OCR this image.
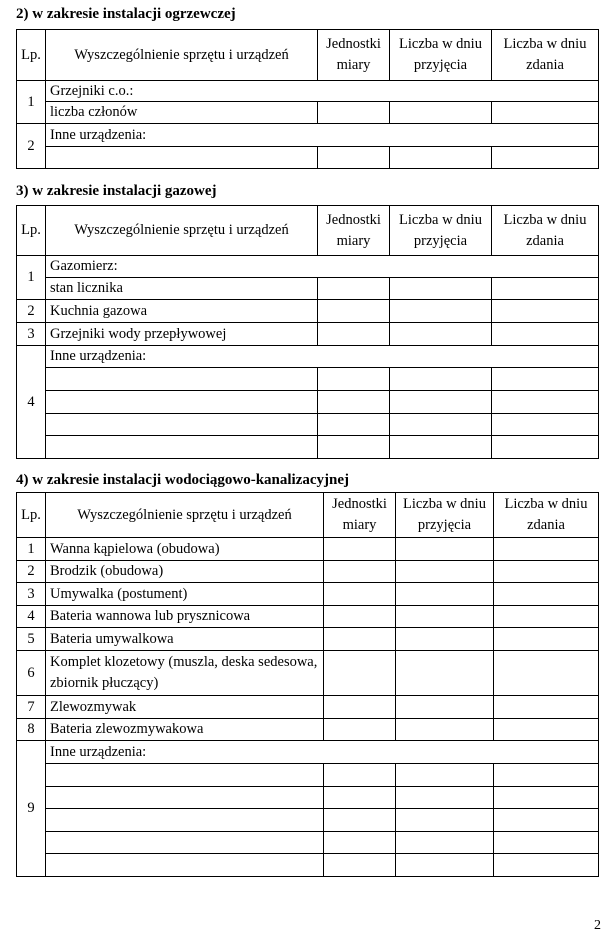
2) w zakresie instalacji ogrzewczej
Lp.	Wyszczególnienie sprzętu i urządzeń	Jednostki miary	Liczba w dniu przyjęcia	Liczba w dniu zdania
1	Grzejniki c.o.:			
	liczba członów			
2	Inne urządzenia:			

3) w zakresie instalacji gazowej
Lp.	Wyszczególnienie sprzętu i urządzeń	Jednostki miary	Liczba w dniu przyjęcia	Liczba w dniu zdania
1	Gazomierz:			
	stan licznika			
2	Kuchnia gazowa			
3	Grzejniki wody przepływowej			
4	Inne urządzenia:			

4) w zakresie instalacji wodociągowo-kanalizacyjnej
Lp.	Wyszczególnienie sprzętu i urządzeń	Jednostki miary	Liczba w dniu przyjęcia	Liczba w dniu zdania
1	Wanna kąpielowa (obudowa)			
2	Brodzik (obudowa)			
3	Umywalka (postument)			
4	Bateria wannowa lub prysznicowa			
5	Bateria umywalkowa			
6	Komplet klozetowy (muszla, deska sedesowa, zbiornik płuczący)			
7	Zlewozmywak			
8	Bateria zlewozmywakowa			
9	Inne urządzenia:			

2
